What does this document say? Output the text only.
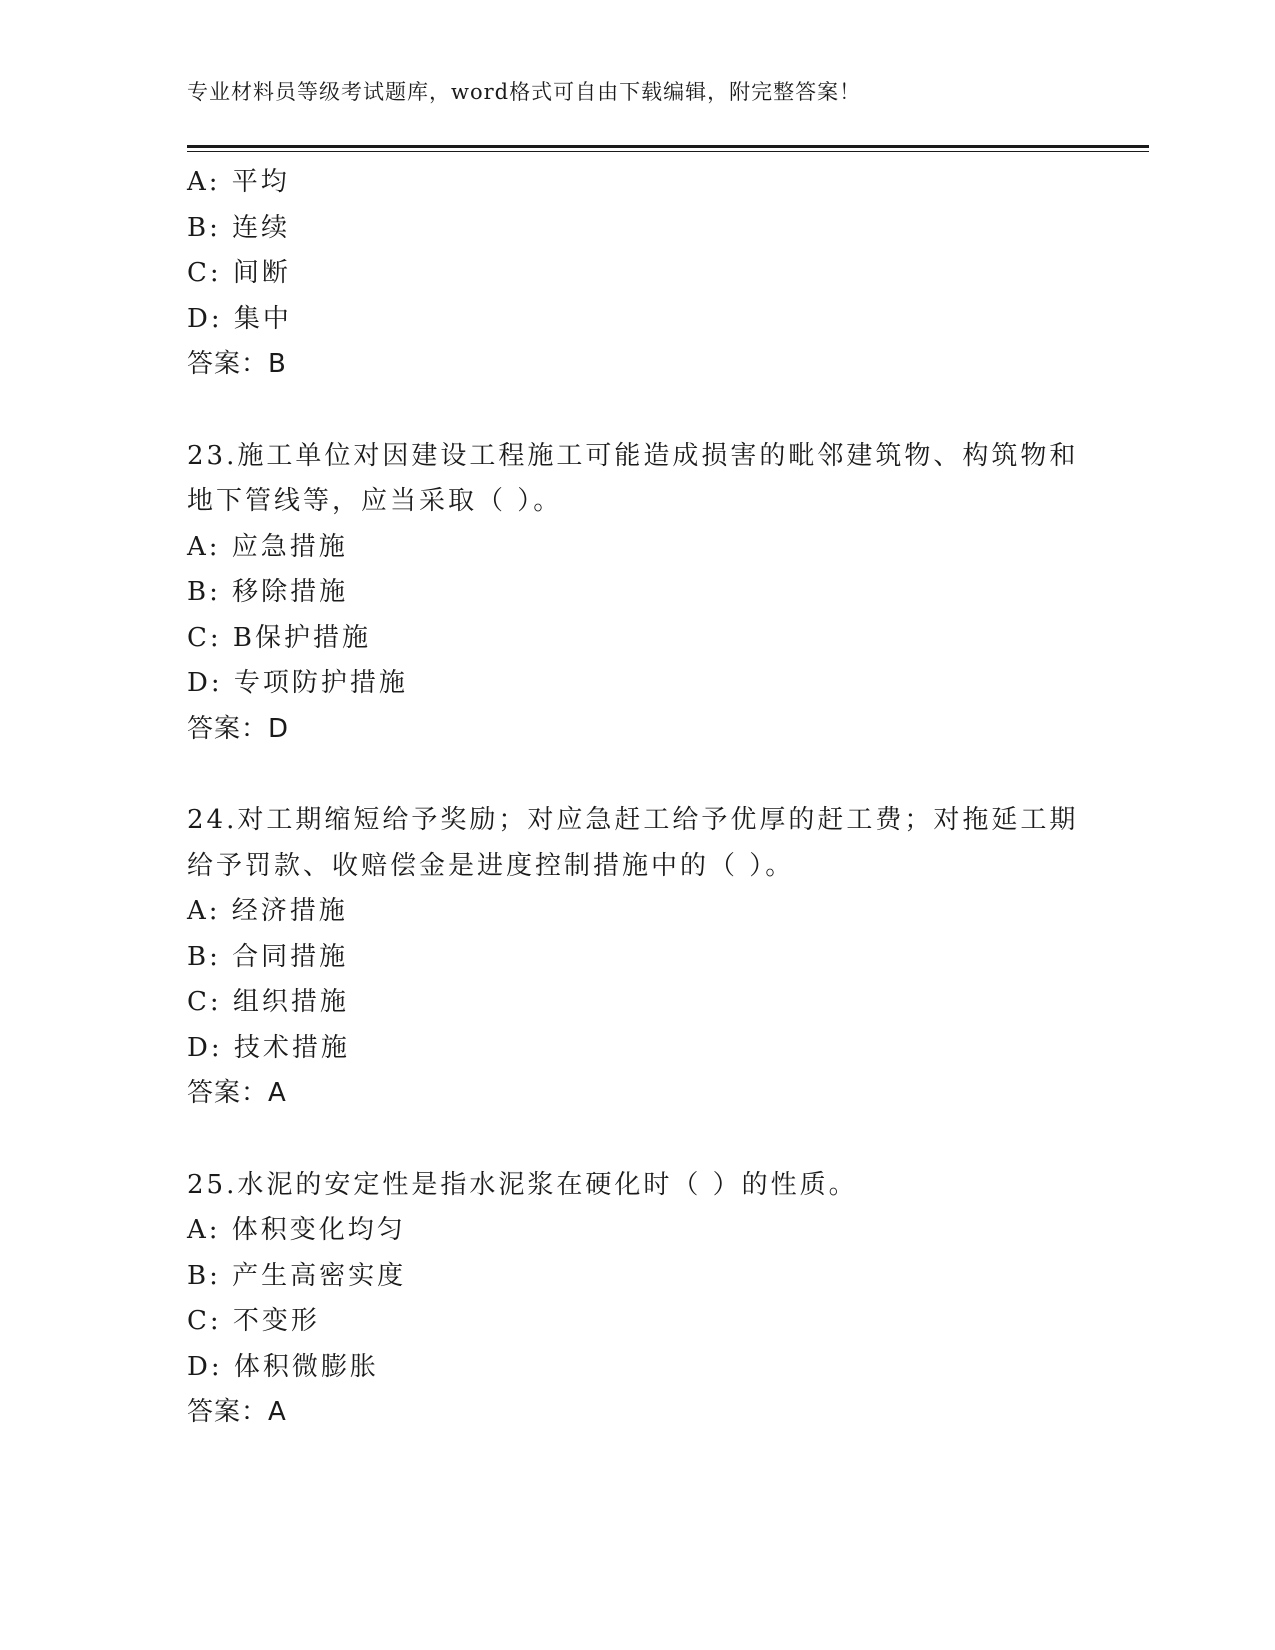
专业材料员等级考试题库，word格式可自由下载编辑，附完整答案！
A: 平均
B: 连续
C: 间断
D: 集中
答案：B
23.施工单位对因建设工程施工可能造成损害的毗邻建筑物、构筑物和
地下管线等，应当采取（ ）。
A: 应急措施
B: 移除措施
C: B保护措施
D: 专项防护措施
答案：D
24.对工期缩短给予奖励；对应急赶工给予优厚的赶工费；对拖延工期
给予罚款、收赔偿金是进度控制措施中的（ ）。
A: 经济措施
B: 合同措施
C: 组织措施
D: 技术措施
答案：A
25.水泥的安定性是指水泥浆在硬化时（ ）的性质。
A: 体积变化均匀
B: 产生高密实度
C: 不变形
D: 体积微膨胀
答案：A
